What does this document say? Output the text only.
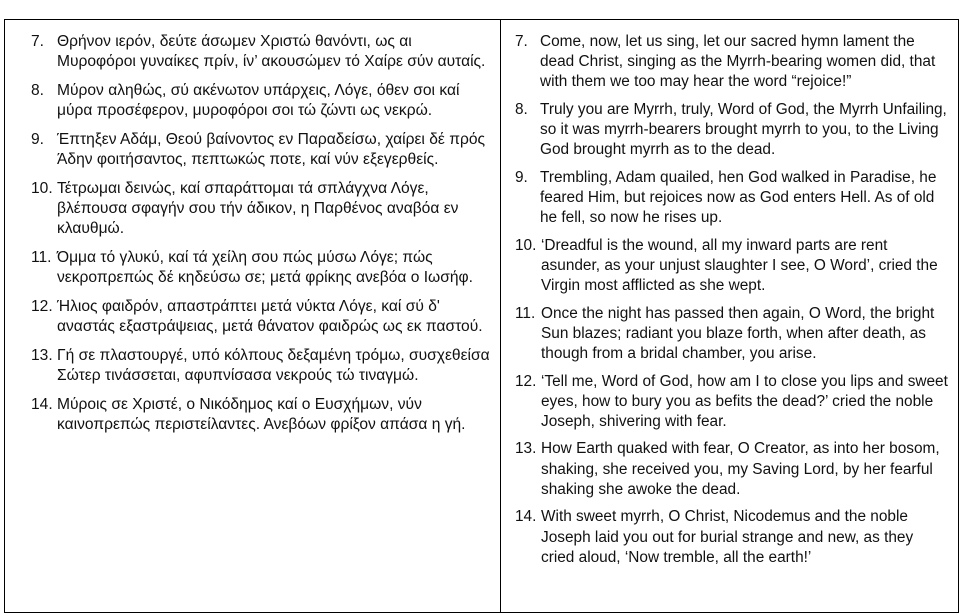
7. Θρήνον ιερόν, δεύτε άσωμεν Χριστώ θανόντι, ως αι Μυροφόροι γυναίκες πρίν, ίν’ ακουσώμεν τό Χαίρε σύν αυταίς.
8. Μύρον αληθώς, σύ ακένωτον υπάρχεις, Λόγε, όθεν σοι καί μύρα προσέφερον, μυροφόροι σοι τώ ζώντι ως νεκρώ.
9. Έπτηξεν Αδάμ, Θεού βαίνοντος εν Παραδείσω, χαίρει δέ πρός Άδην φοιτήσαντος, πεπτωκώς ποτε, καί νύν εξεγερθείς.
10. Τέτρωμαι δεινώς, καί σπαράττομαι τά σπλάγχνα Λόγε, βλέπουσα σφαγήν σου τήν άδικον, η Παρθένος αναβόα εν κλαυθμώ.
11. Όμμα τό γλυκύ, καί τά χείλη σου πώς μύσω Λόγε; πώς νεκροπρεπώς δέ κηδεύσω σε; μετά φρίκης ανεβόα ο Ιωσήφ.
12. Ήλιος φαιδρόν, απαστράπτει μετά νύκτα Λόγε, καί σύ δ' αναστάς εξαστράψειας, μετά θάνατον φαιδρώς ως εκ παστού.
13. Γή σε πλαστουργέ, υπό κόλπους δεξαμένη τρόμω, συσχεθείσα Σώτερ τινάσσεται, αφυπνίσασα νεκρούς τώ τιναγμώ.
14. Μύροις σε Χριστέ, ο Νικόδημος καί ο Ευσχήμων, νύν καινοπρεπώς περιστείλαντες. Ανεβόων φρίξον απάσα η γή.
7. Come, now, let us sing, let our sacred hymn lament the dead Christ, singing as the Myrrh-bearing women did, that with them we too may hear the word “rejoice!”
8. Truly you are Myrrh, truly, Word of God, the Myrrh Unfailing, so it was myrrh-bearers brought myrrh to you, to the Living God brought myrrh as to the dead.
9. Trembling, Adam quailed, hen God walked in Paradise, he feared Him, but rejoices now as God enters Hell. As of old he fell, so now he rises up.
10. ‘Dreadful is the wound, all my inward parts are rent asunder, as your unjust slaughter I see, O Word’, cried the Virgin most afflicted as she wept.
11. Once the night has passed then again, O Word, the bright Sun blazes; radiant you blaze forth, when after death, as though from a bridal chamber, you arise.
12. ‘Tell me, Word of God, how am I to close you lips and sweet eyes, how to bury you as befits the dead?’ cried the noble Joseph, shivering with fear.
13. How Earth quaked with fear, O Creator, as into her bosom, shaking, she received you, my Saving Lord, by her fearful shaking she awoke the dead.
14. With sweet myrrh, O Christ, Nicodemus and the noble Joseph laid you out for burial strange and new, as they cried aloud, ‘Now tremble, all the earth!’
